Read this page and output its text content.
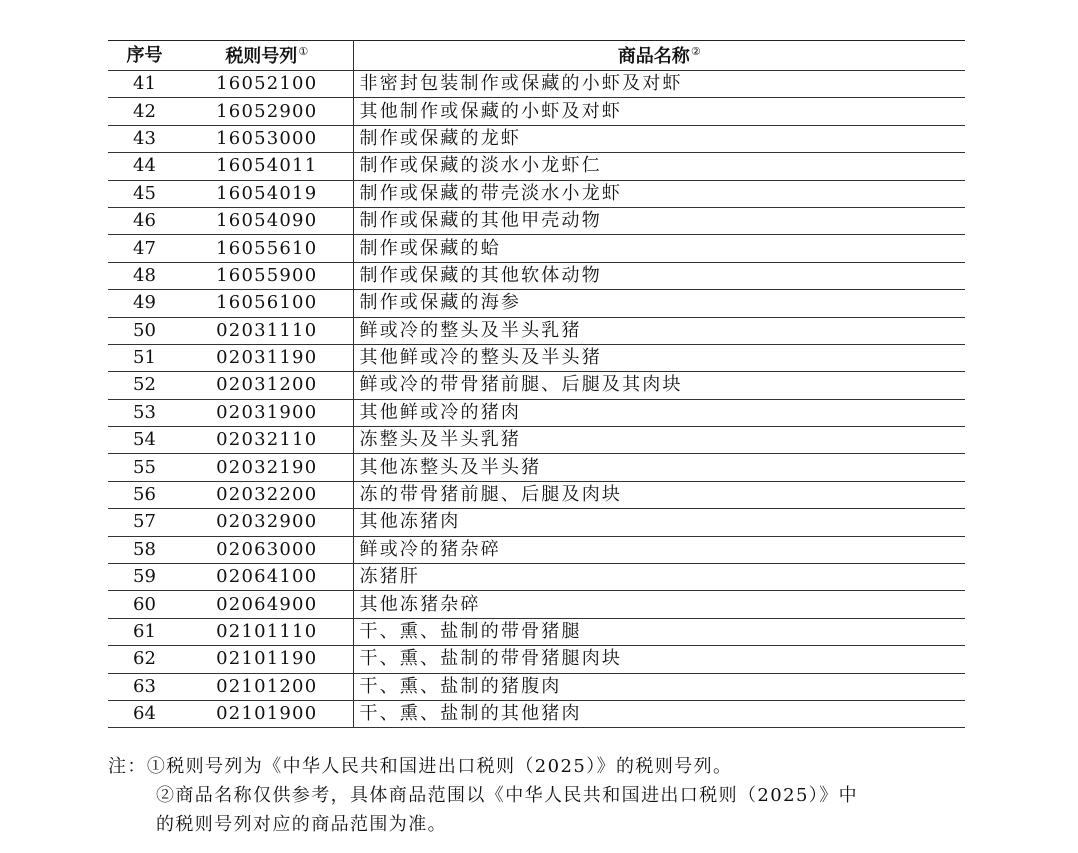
序号	税则号列①	商品名称②
41	16052100	非密封包装制作或保藏的小虾及对虾
42	16052900	其他制作或保藏的小虾及对虾
43	16053000	制作或保藏的龙虾
44	16054011	制作或保藏的淡水小龙虾仁
45	16054019	制作或保藏的带壳淡水小龙虾
46	16054090	制作或保藏的其他甲壳动物
47	16055610	制作或保藏的蛤
48	16055900	制作或保藏的其他软体动物
49	16056100	制作或保藏的海参
50	02031110	鲜或冷的整头及半头乳猪
51	02031190	其他鲜或冷的整头及半头猪
52	02031200	鲜或冷的带骨猪前腿、后腿及其肉块
53	02031900	其他鲜或冷的猪肉
54	02032110	冻整头及半头乳猪
55	02032190	其他冻整头及半头猪
56	02032200	冻的带骨猪前腿、后腿及肉块
57	02032900	其他冻猪肉
58	02063000	鲜或冷的猪杂碎
59	02064100	冻猪肝
60	02064900	其他冻猪杂碎
61	02101110	干、熏、盐制的带骨猪腿
62	02101190	干、熏、盐制的带骨猪腿肉块
63	02101200	干、熏、盐制的猪腹肉
64	02101900	干、熏、盐制的其他猪肉
注：①税则号列为《中华人民共和国进出口税则（2025）》的税则号列。
②商品名称仅供参考，具体商品范围以《中华人民共和国进出口税则（2025）》中
的税则号列对应的商品范围为准。
